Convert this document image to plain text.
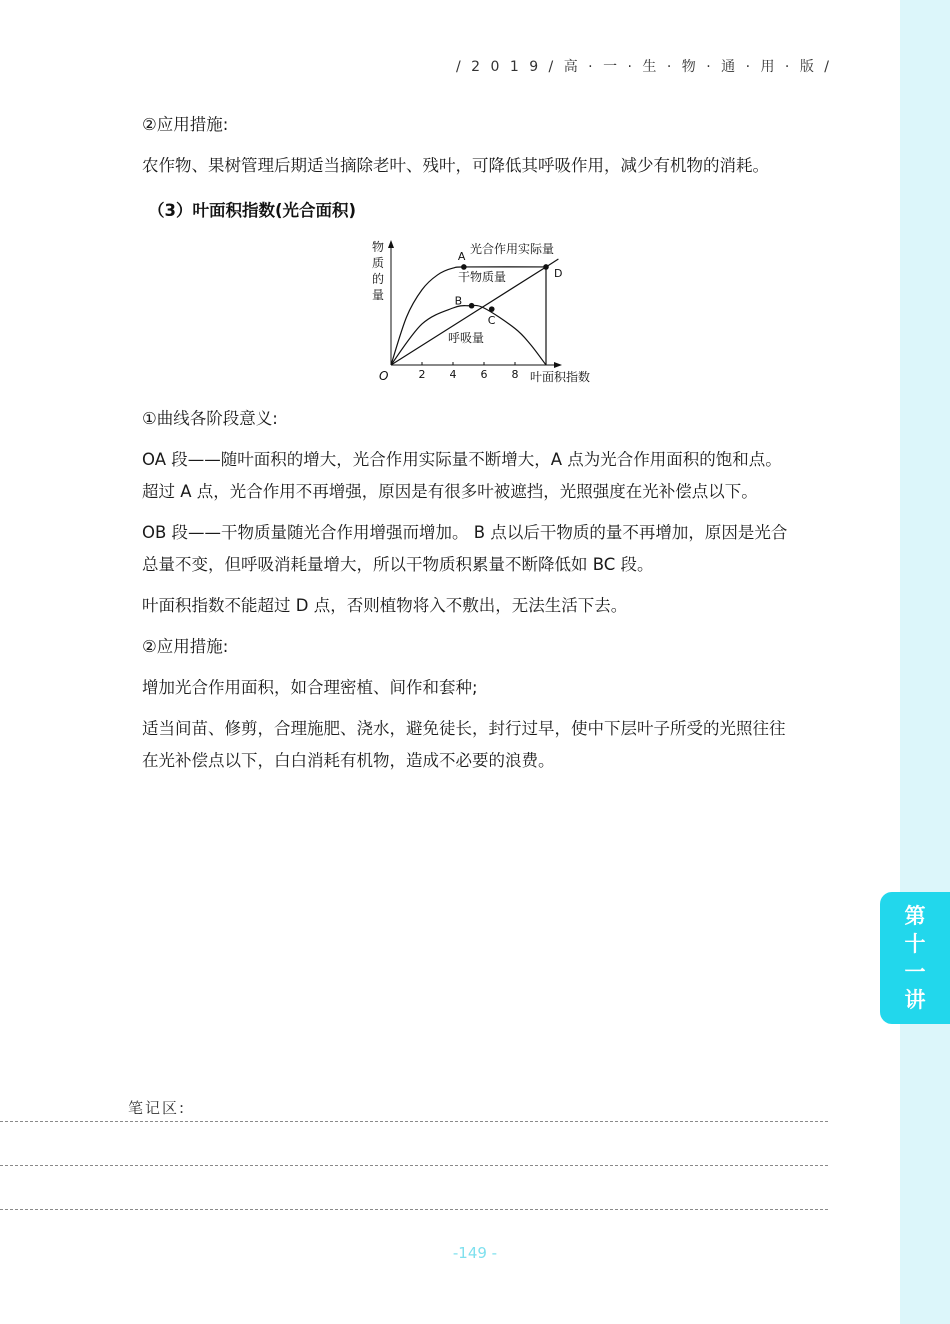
/ 2 0 1 9 / 高 · 一 · 生 · 物 · 通 · 用 · 版 /
②应用措施:
农作物、果树管理后期适当摘除老叶、残叶，可降低其呼吸作用，减少有机物的消耗。
（3）叶面积指数(光合面积)
2 4 6 8
O	叶面积指数
物
质
的
量
A
B
C
D
光合作用实际量
干物质量
呼吸量
①曲线各阶段意义:
OA 段——随叶面积的增大，光合作用实际量不断增大，A 点为光合作用面积的饱和点。
超过 A 点，光合作用不再增强，原因是有很多叶被遮挡，光照强度在光补偿点以下。
OB 段——干物质量随光合作用增强而增加。 B 点以后干物质的量不再增加，原因是光合
总量不变，但呼吸消耗量增大，所以干物质积累量不断降低如 BC 段。
叶面积指数不能超过 D 点，否则植物将入不敷出，无法生活下去。
②应用措施:
增加光合作用面积，如合理密植、间作和套种;
适当间苗、修剪，合理施肥、浇水，避免徒长，封行过早，使中下层叶子所受的光照往往
在光补偿点以下，白白消耗有机物，造成不必要的浪费。
第
十
一
讲
笔记区:
-149 -
